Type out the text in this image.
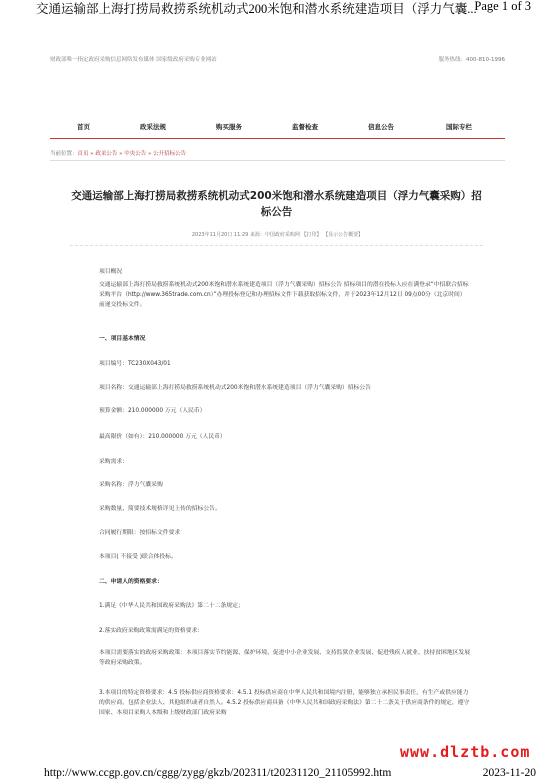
交通运输部上海打捞局救捞系统机动式200米饱和潜水系统建造项目（浮力气囊...
Page 1 of 3
财政部唯一指定政府采购信息网络发布媒体 国家级政府采购专业网站	服务热线：400-810-1996
首页	政采法规	购买服务	监督检查	信息公告	国际专栏
当前位置：首页 » 政采公告 » 中央公告 » 公开招标公告
交通运输部上海打捞局救捞系统机动式200米饱和潜水系统建造项目（浮力气囊采购）招标公告
2023年11月20日 11:29 来源：中国政府采购网 【打印】 【显示公告概要】
项目概况
交通运输部上海打捞局救捞系统机动式200米饱和潜水系统建造项目（浮力气囊采购）招标公告 招标项目的潜在投标人应在满登录“中招联合招标采购平台（http://www.365trade.com.cn）”办理投标登记和办理招标文件下载获取招标文件，并于2023年12月12日 09点00分（北京时间）前递交投标文件。
一、项目基本情况
项目编号：TC230X043/01
项目名称：交通运输部上海打捞局救捞系统机动式200米饱和潜水系统建造项目（浮力气囊采购）招标公告
预算金额：210.000000 万元（人民币）
最高限价（如有）：210.000000 万元（人民币）
采购需求：
采购名称：浮力气囊采购
采购数量、简要技术规格详见上传的招标公告。
合同履行期限：按招标文件要求
本项目( 不接受 )联合体投标。
二、申请人的资格要求：
1.满足《中华人民共和国政府采购法》第二十二条规定；
2.落实政府采购政策需满足的资格要求：
本项目需要落实的政府采购政策：本项目落实节约能源、保护环境、促进中小企业发展、支持监狱企业发展、促进残疾人就业、扶持贫困地区发展等政府采购政策。
3.本项目的特定资格要求：4.5 投标供应商资格要求：4.5.1 投标供应商在中华人民共和国境内注册，能够独立承担民事责任，有生产或供应能力的供应商，包括企业法人、其他组织或者自然人。4.5.2 投标供应商具备《中华人民共和国政府采购法》第二十二条关于供应商条件的规定，遵守国家、本项目采购人本级和上级财政部门政府采购
www.dlztb.com
http://www.ccgp.gov.cn/cggg/zygg/gkzb/202311/t20231120_21105992.htm	2023-11-20
